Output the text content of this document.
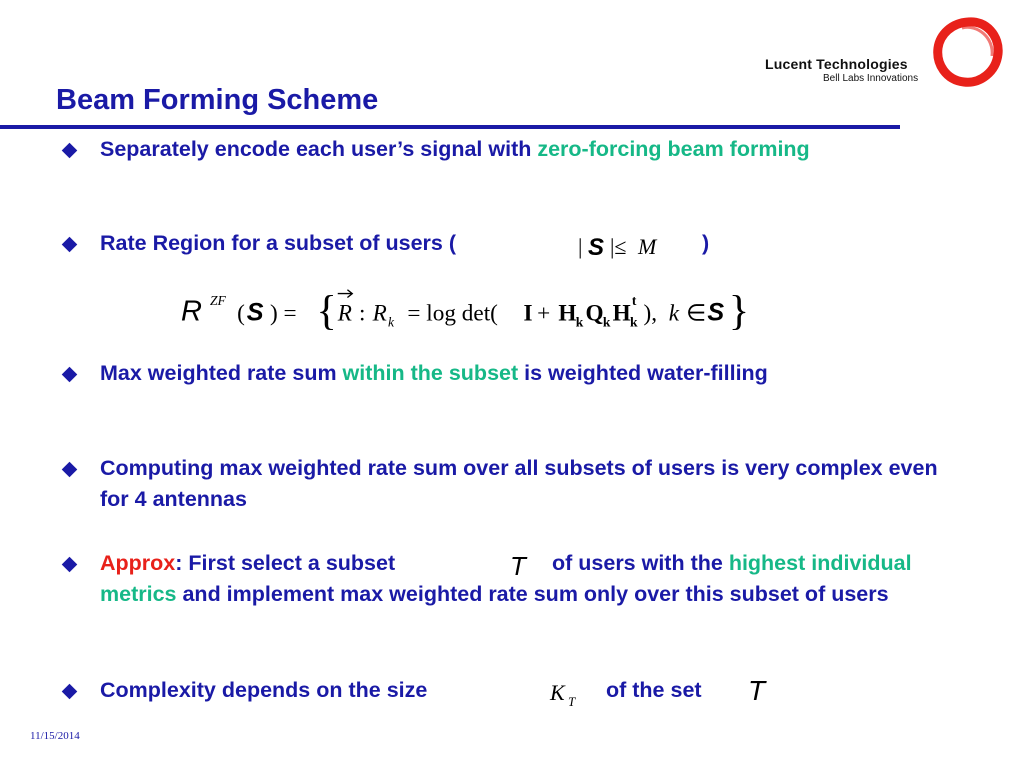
Beam Forming Scheme
Lucent Technologies
Bell Labs Innovations
Separately encode each user’s signal with zero-forcing beam forming
Rate Region for a subset of users (	| S |≤ M )
R ZF ( S ) = { R : R k = log det( I + H k Q k H t
k ), k ∈ S }
Max weighted rate sum within the subset is weighted water-filling
Computing max weighted rate sum over all subsets of users is very complex even for 4 antennas
Approx: First select a subset	T	of users with the highest individual metrics and implement max weighted rate sum only over this subset of users
Complexity depends on the size	K T of the set	T
11/15/2014
